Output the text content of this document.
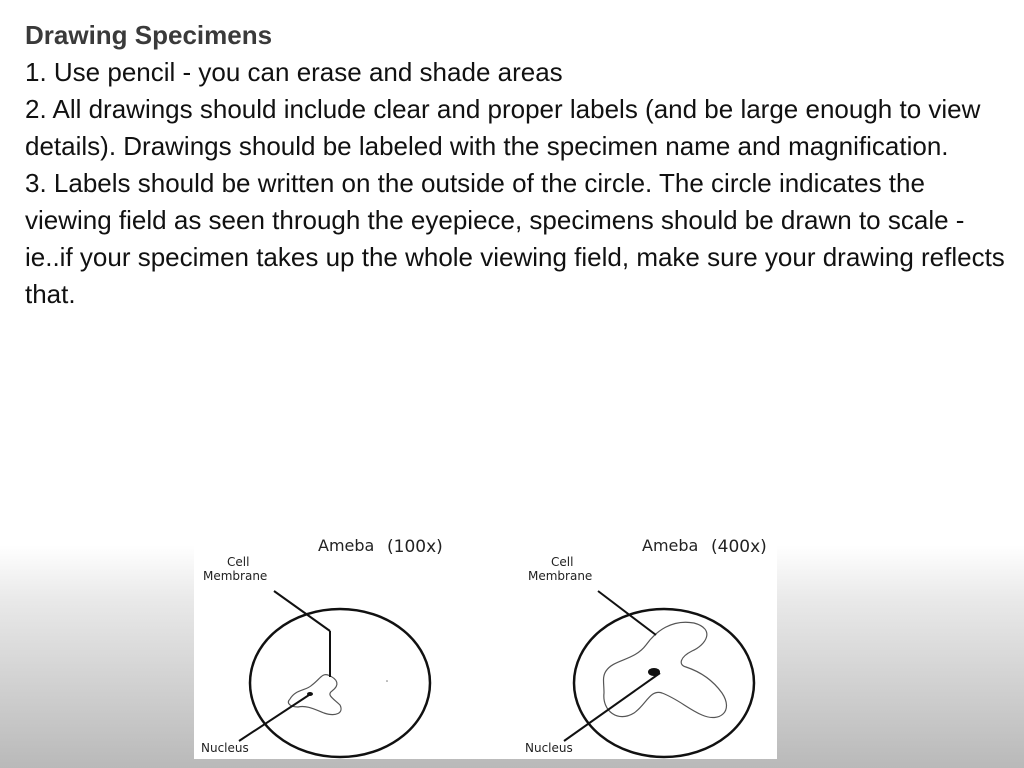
Drawing Specimens

1. Use pencil - you can erase and shade areas

2. All drawings should include clear and proper labels (and be large enough to view details). Drawings should be labeled with the specimen name and magnification.

3. Labels should be written on the outside of the circle. The circle indicates the viewing field as seen through the eyepiece, specimens should be drawn to scale - ie..if your specimen takes up the whole viewing field, make sure your drawing reflects that.

Ameba (100x)
Cell
Membrane
Nucleus
Ameba (400x)
Cell
Membrane
Nucleus
